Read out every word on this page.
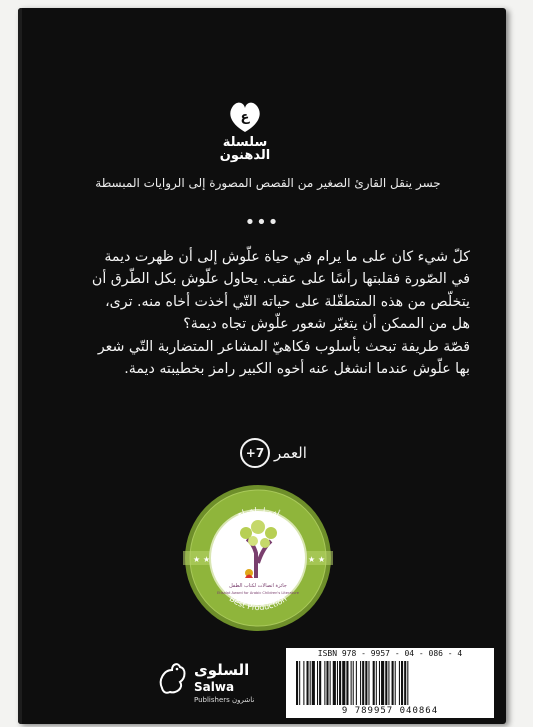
ع
سلسلة
الدهنون
جسر ينقل القارئ الصغير من القصص المصورة إلى الروايات المبسطة
•••

كلّ شيء كان على ما يرام في حياة علّوش إلى أن ظهرت ديمة في الصّورة فقلبتها رأسًا على عقب. يحاول علّوش بكل الطّرق أن يتخلّص من هذه المتطفّلة على حياته التّي أخذت أخاه منه. ترى، هل من الممكن أن يتغيّر شعور علّوش تجاه ديمة؟

قصّة طريفة تبحث بأسلوب فكاهيّ المشاعر المتضاربة التّي شعر بها علّوش عندما انشغل عنه أخوه الكبير رامز بخطيبته ديمة.

العمر
+7
★ ★	★ ★
أفضل إخراج
Best Production
جائزة اتصالات لكتاب الطفل
Etisalat Award for Arabic Children's Literature
2017
السلوى
Salwa
Publishers ناشرون
ISBN 978 - 9957 - 04 - 086 - 4
9 789957 040864
